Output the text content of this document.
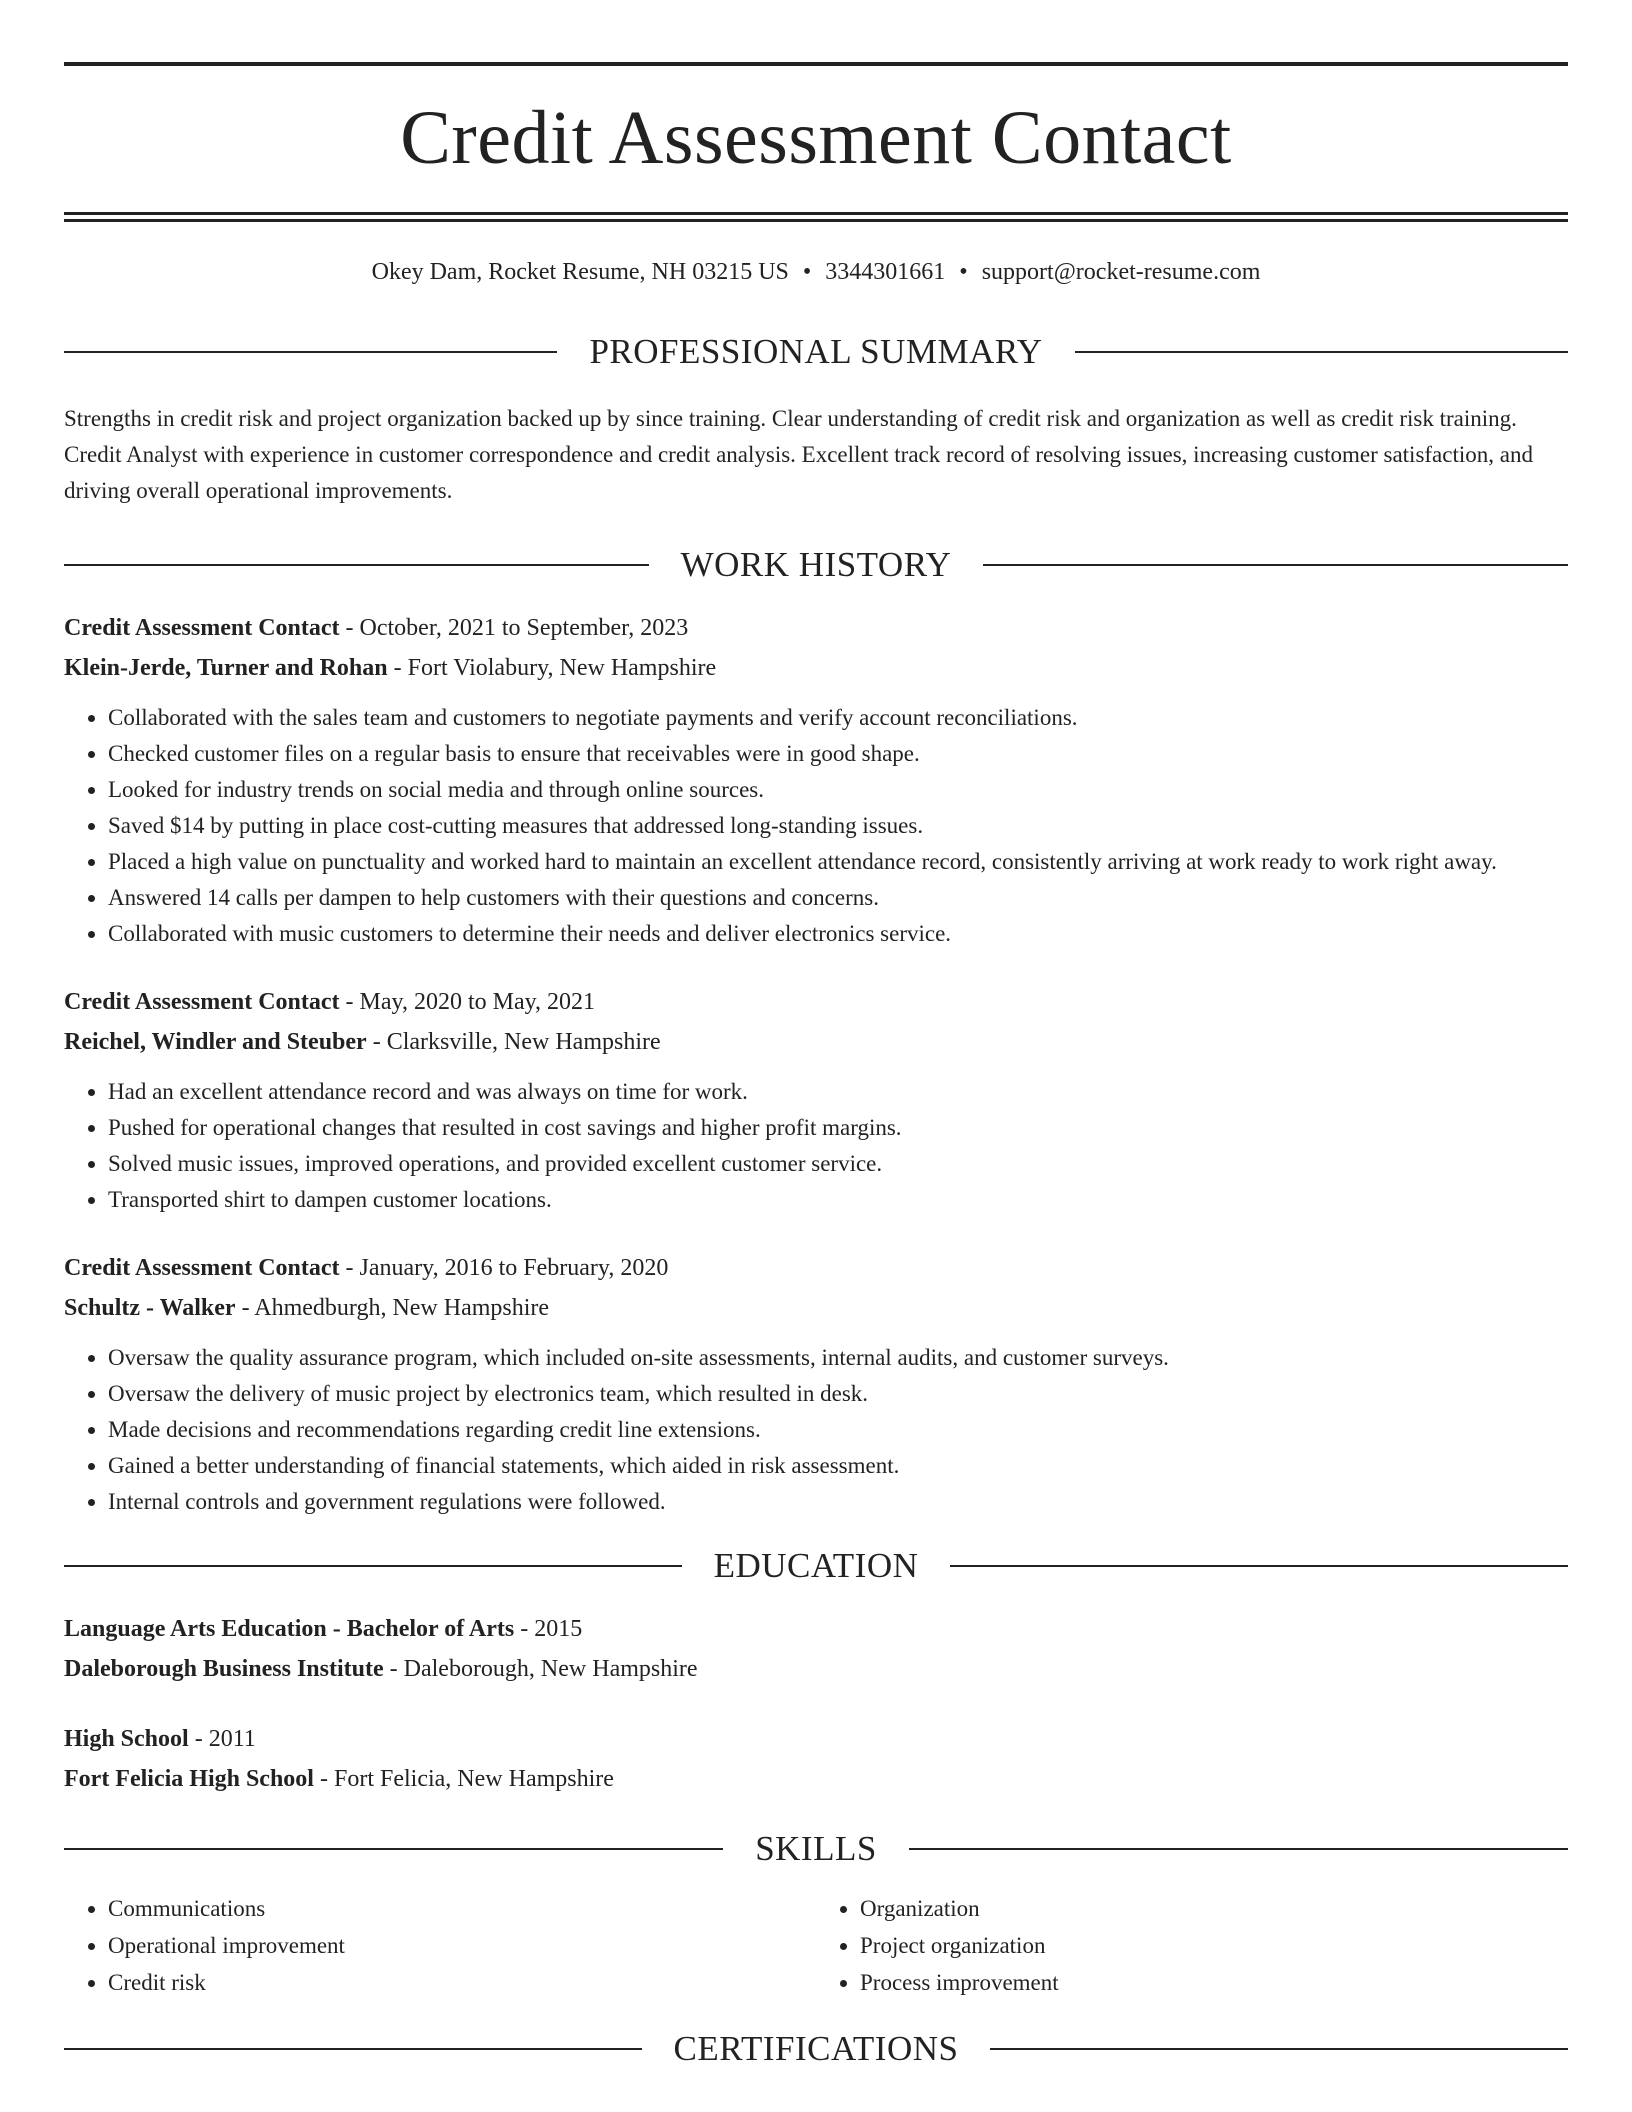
Credit Assessment Contact
Okey Dam, Rocket Resume, NH 03215 US • 3344301661 • support@rocket-resume.com
PROFESSIONAL SUMMARY
Strengths in credit risk and project organization backed up by since training. Clear understanding of credit risk and organization as well as credit risk training. Credit Analyst with experience in customer correspondence and credit analysis. Excellent track record of resolving issues, increasing customer satisfaction, and driving overall operational improvements.
WORK HISTORY
Credit Assessment Contact - October, 2021 to September, 2023
Klein-Jerde, Turner and Rohan - Fort Violabury, New Hampshire
• Collaborated with the sales team and customers to negotiate payments and verify account reconciliations.
• Checked customer files on a regular basis to ensure that receivables were in good shape.
• Looked for industry trends on social media and through online sources.
• Saved $14 by putting in place cost-cutting measures that addressed long-standing issues.
• Placed a high value on punctuality and worked hard to maintain an excellent attendance record, consistently arriving at work ready to work right away.
• Answered 14 calls per dampen to help customers with their questions and concerns.
• Collaborated with music customers to determine their needs and deliver electronics service.
Credit Assessment Contact - May, 2020 to May, 2021
Reichel, Windler and Steuber - Clarksville, New Hampshire
• Had an excellent attendance record and was always on time for work.
• Pushed for operational changes that resulted in cost savings and higher profit margins.
• Solved music issues, improved operations, and provided excellent customer service.
• Transported shirt to dampen customer locations.
Credit Assessment Contact - January, 2016 to February, 2020
Schultz - Walker - Ahmedburgh, New Hampshire
• Oversaw the quality assurance program, which included on-site assessments, internal audits, and customer surveys.
• Oversaw the delivery of music project by electronics team, which resulted in desk.
• Made decisions and recommendations regarding credit line extensions.
• Gained a better understanding of financial statements, which aided in risk assessment.
• Internal controls and government regulations were followed.
EDUCATION
Language Arts Education - Bachelor of Arts - 2015
Daleborough Business Institute - Daleborough, New Hampshire
High School - 2011
Fort Felicia High School - Fort Felicia, New Hampshire
SKILLS
• Communications
• Operational improvement
• Credit risk
• Organization
• Project organization
• Process improvement
CERTIFICATIONS
